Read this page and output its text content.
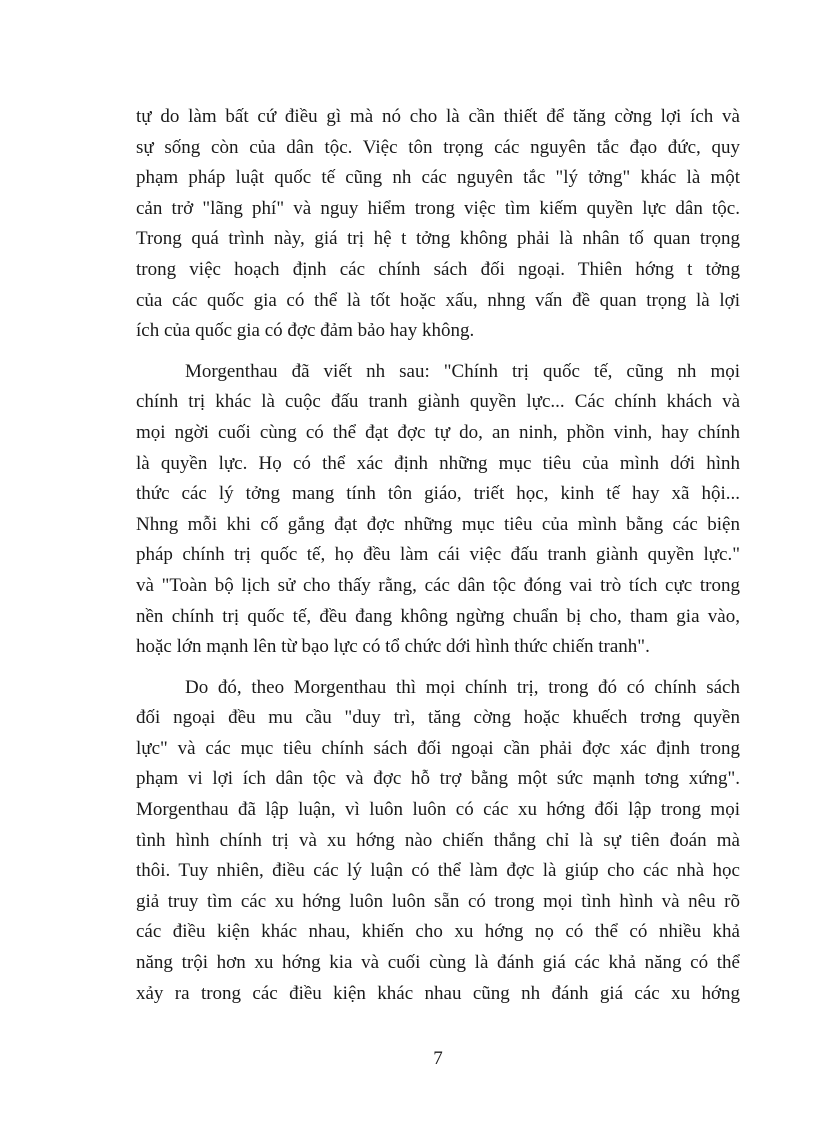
tự do làm bất cứ điều gì mà nó cho là cần thiết để tăng cờng lợi ích và
sự sống còn của dân tộc. Việc tôn trọng các nguyên tắc đạo đức, quy
phạm pháp luật quốc tế cũng nh các nguyên tắc "lý tởng" khác là một
cản trở "lãng phí" và nguy hiểm trong việc tìm kiếm quyền lực dân tộc.
Trong quá trình này, giá trị hệ t tởng không phải là nhân tố quan trọng
trong việc hoạch định các chính sách đối ngoại. Thiên hớng t tởng
của các quốc gia có thể là tốt hoặc xấu, nhng vấn đề quan trọng là lợi
ích của quốc gia có đợc đảm bảo hay không.
Morgenthau đã viết nh sau: "Chính trị quốc tế, cũng nh mọi
chính trị khác là cuộc đấu tranh giành quyền lực... Các chính khách và
mọi ngời cuối cùng có thể đạt đợc tự do, an ninh, phồn vinh, hay chính
là quyền lực. Họ có thể xác định những mục tiêu của mình dới hình
thức các lý tởng mang tính tôn giáo, triết học, kinh tế hay xã hội...
Nhng mỗi khi cố gắng đạt đợc những mục tiêu của mình bằng các biện
pháp chính trị quốc tế, họ đều làm cái việc đấu tranh giành quyền lực."
và "Toàn bộ lịch sử cho thấy rằng, các dân tộc đóng vai trò tích cực trong
nền chính trị quốc tế, đều đang không ngừng chuẩn bị cho, tham gia vào,
hoặc lớn mạnh lên từ bạo lực có tổ chức dới hình thức chiến tranh".
Do đó, theo Morgenthau thì mọi chính trị, trong đó có chính sách
đối ngoại đều mu cầu "duy trì, tăng cờng hoặc khuếch trơng quyền
lực" và các mục tiêu chính sách đối ngoại cần phải đợc xác định trong
phạm vi lợi ích dân tộc và đợc hỗ trợ bằng một sức mạnh tơng xứng".
Morgenthau đã lập luận, vì luôn luôn có các xu hớng đối lập trong mọi
tình hình chính trị và xu hớng nào chiến thắng chỉ là sự tiên đoán mà
thôi. Tuy nhiên, điều các lý luận có thể làm đợc là giúp cho các nhà học
giả truy tìm các xu hớng luôn luôn sẵn có trong mọi tình hình và nêu rõ
các điều kiện khác nhau, khiến cho xu hớng nọ có thể có nhiều khả
năng trội hơn xu hớng kia và cuối cùng là đánh giá các khả năng có thể
xảy ra trong các điều kiện khác nhau cũng nh đánh giá các xu hớng
7
